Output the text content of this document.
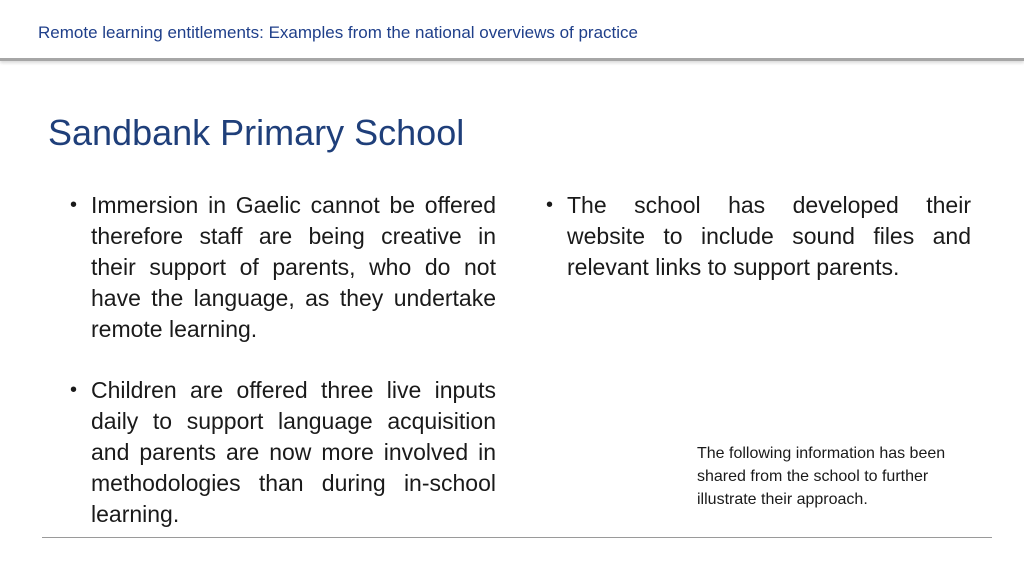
Remote learning entitlements: Examples from the national overviews of practice
Sandbank Primary School
• Immersion in Gaelic cannot be offered therefore staff are being creative in their support of parents, who do not have the language, as they undertake remote learning.
• Children are offered three live inputs daily to support language acquisition and parents are now more involved in methodologies than during in-school learning.
• The school has developed their website to include sound files and relevant links to support parents.
The following information has been shared from the school to further illustrate their approach.
